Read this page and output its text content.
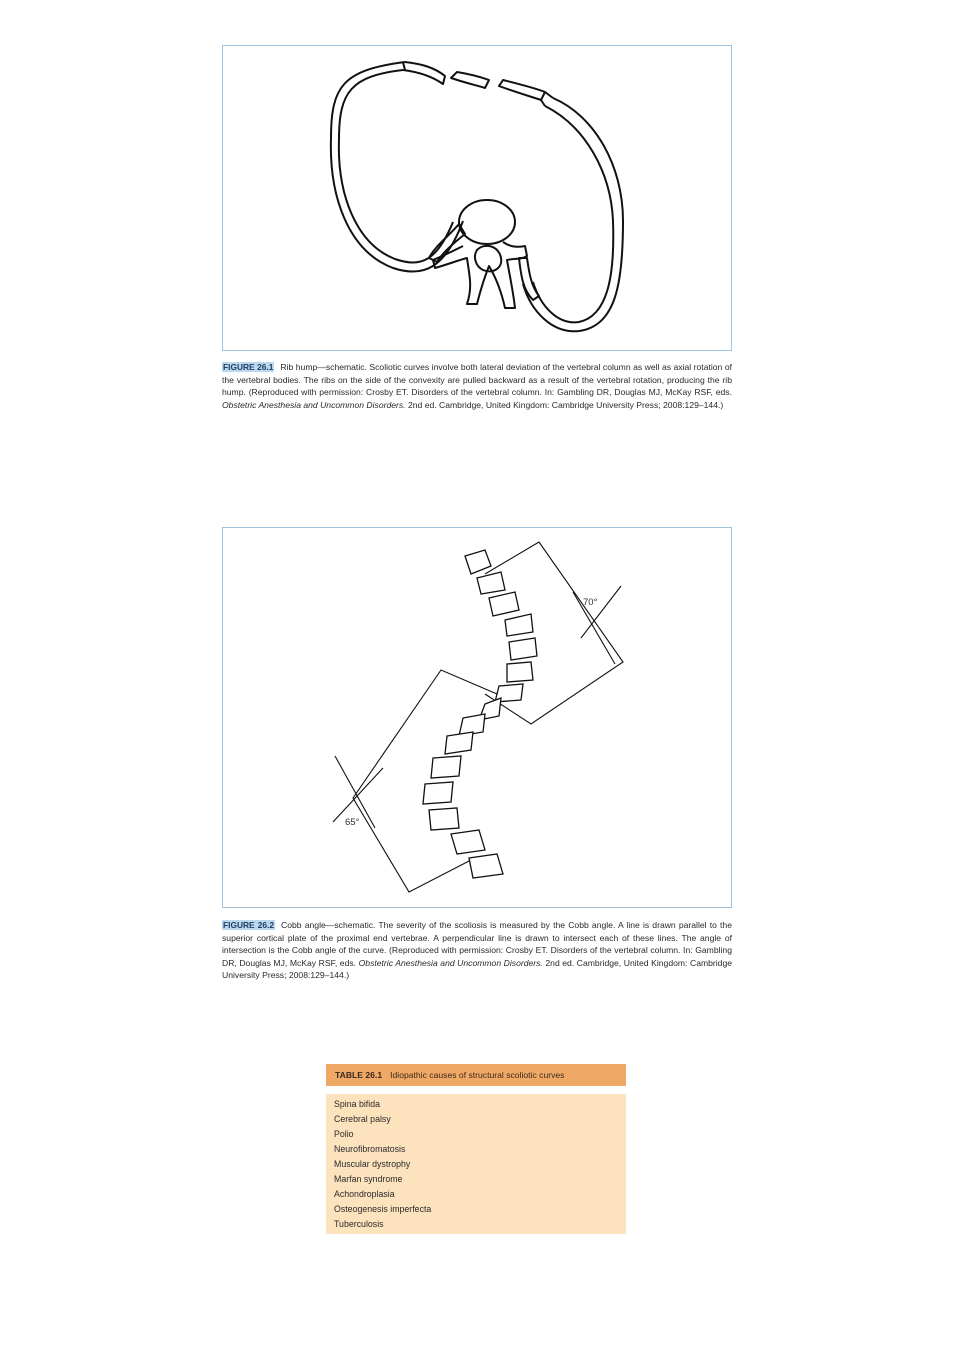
FIGURE 26.1 Rib hump—schematic. Scoliotic curves involve both lateral deviation of the vertebral column as well as axial rotation of the vertebral bodies. The ribs on the side of the convexity are pulled backward as a result of the vertebral rotation, producing the rib hump. (Reproduced with permission: Crosby ET. Disorders of the vertebral column. In: Gambling DR, Douglas MJ, McKay RSF, eds. Obstetric Anesthesia and Uncommon Disorders. 2nd ed. Cambridge, United Kingdom: Cambridge University Press; 2008:129–144.)
70°
65°
FIGURE 26.2 Cobb angle—schematic. The severity of the scoliosis is measured by the Cobb angle. A line is drawn parallel to the superior cortical plate of the proximal end vertebrae. A perpendicular line is drawn to intersect each of these lines. The angle of intersection is the Cobb angle of the curve. (Reproduced with permission: Crosby ET. Disorders of the vertebral column. In: Gambling DR, Douglas MJ, McKay RSF, eds. Obstetric Anesthesia and Uncommon Disorders. 2nd ed. Cambridge, United Kingdom: Cambridge University Press; 2008:129–144.)
TABLE 26.1 Idiopathic causes of structural scoliotic curves
Spina bifida
Cerebral palsy
Polio
Neurofibromatosis
Muscular dystrophy
Marfan syndrome
Achondroplasia
Osteogenesis imperfecta
Tuberculosis
